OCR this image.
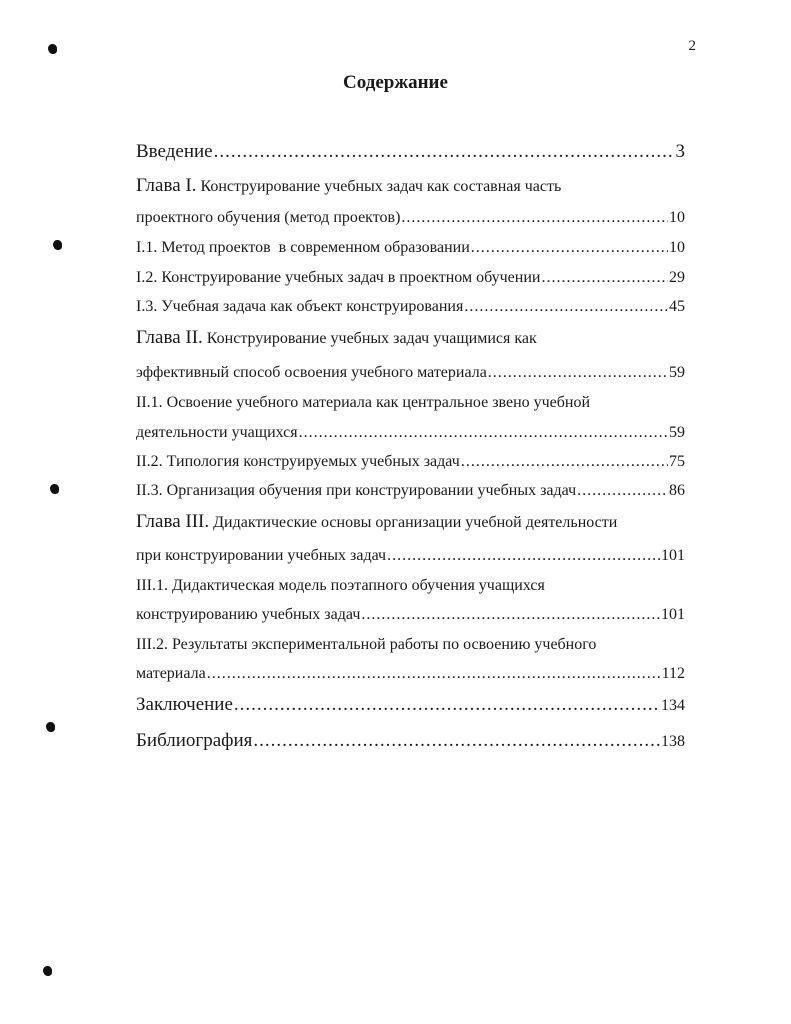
2
Содержание
Введение .....	3
Глава I. Конструирование учебных задач как составная часть
проектного обучения (метод проектов) .....	10
I.1. Метод проектов  в современном образовании .....	10
I.2. Конструирование учебных задач в проектном обучении .....	29
I.3. Учебная задача как объект конструирования .....	45
Глава II. Конструирование учебных задач учащимися как
эффективный способ освоения учебного материала .....	59
II.1. Освоение учебного материала как центральное звено учебной
деятельности учащихся .....	59
II.2. Типология конструируемых учебных задач .....	75
II.3. Организация обучения при конструировании учебных задач .....	86
Глава III. Дидактические основы организации учебной деятельности
при конструировании учебных задач .....	101
III.1. Дидактическая модель поэтапного обучения учащихся
конструированию учебных задач .....	101
III.2. Результаты экспериментальной работы по освоению учебного
материала .....	112
Заключение .....	134
Библиография .....	138
